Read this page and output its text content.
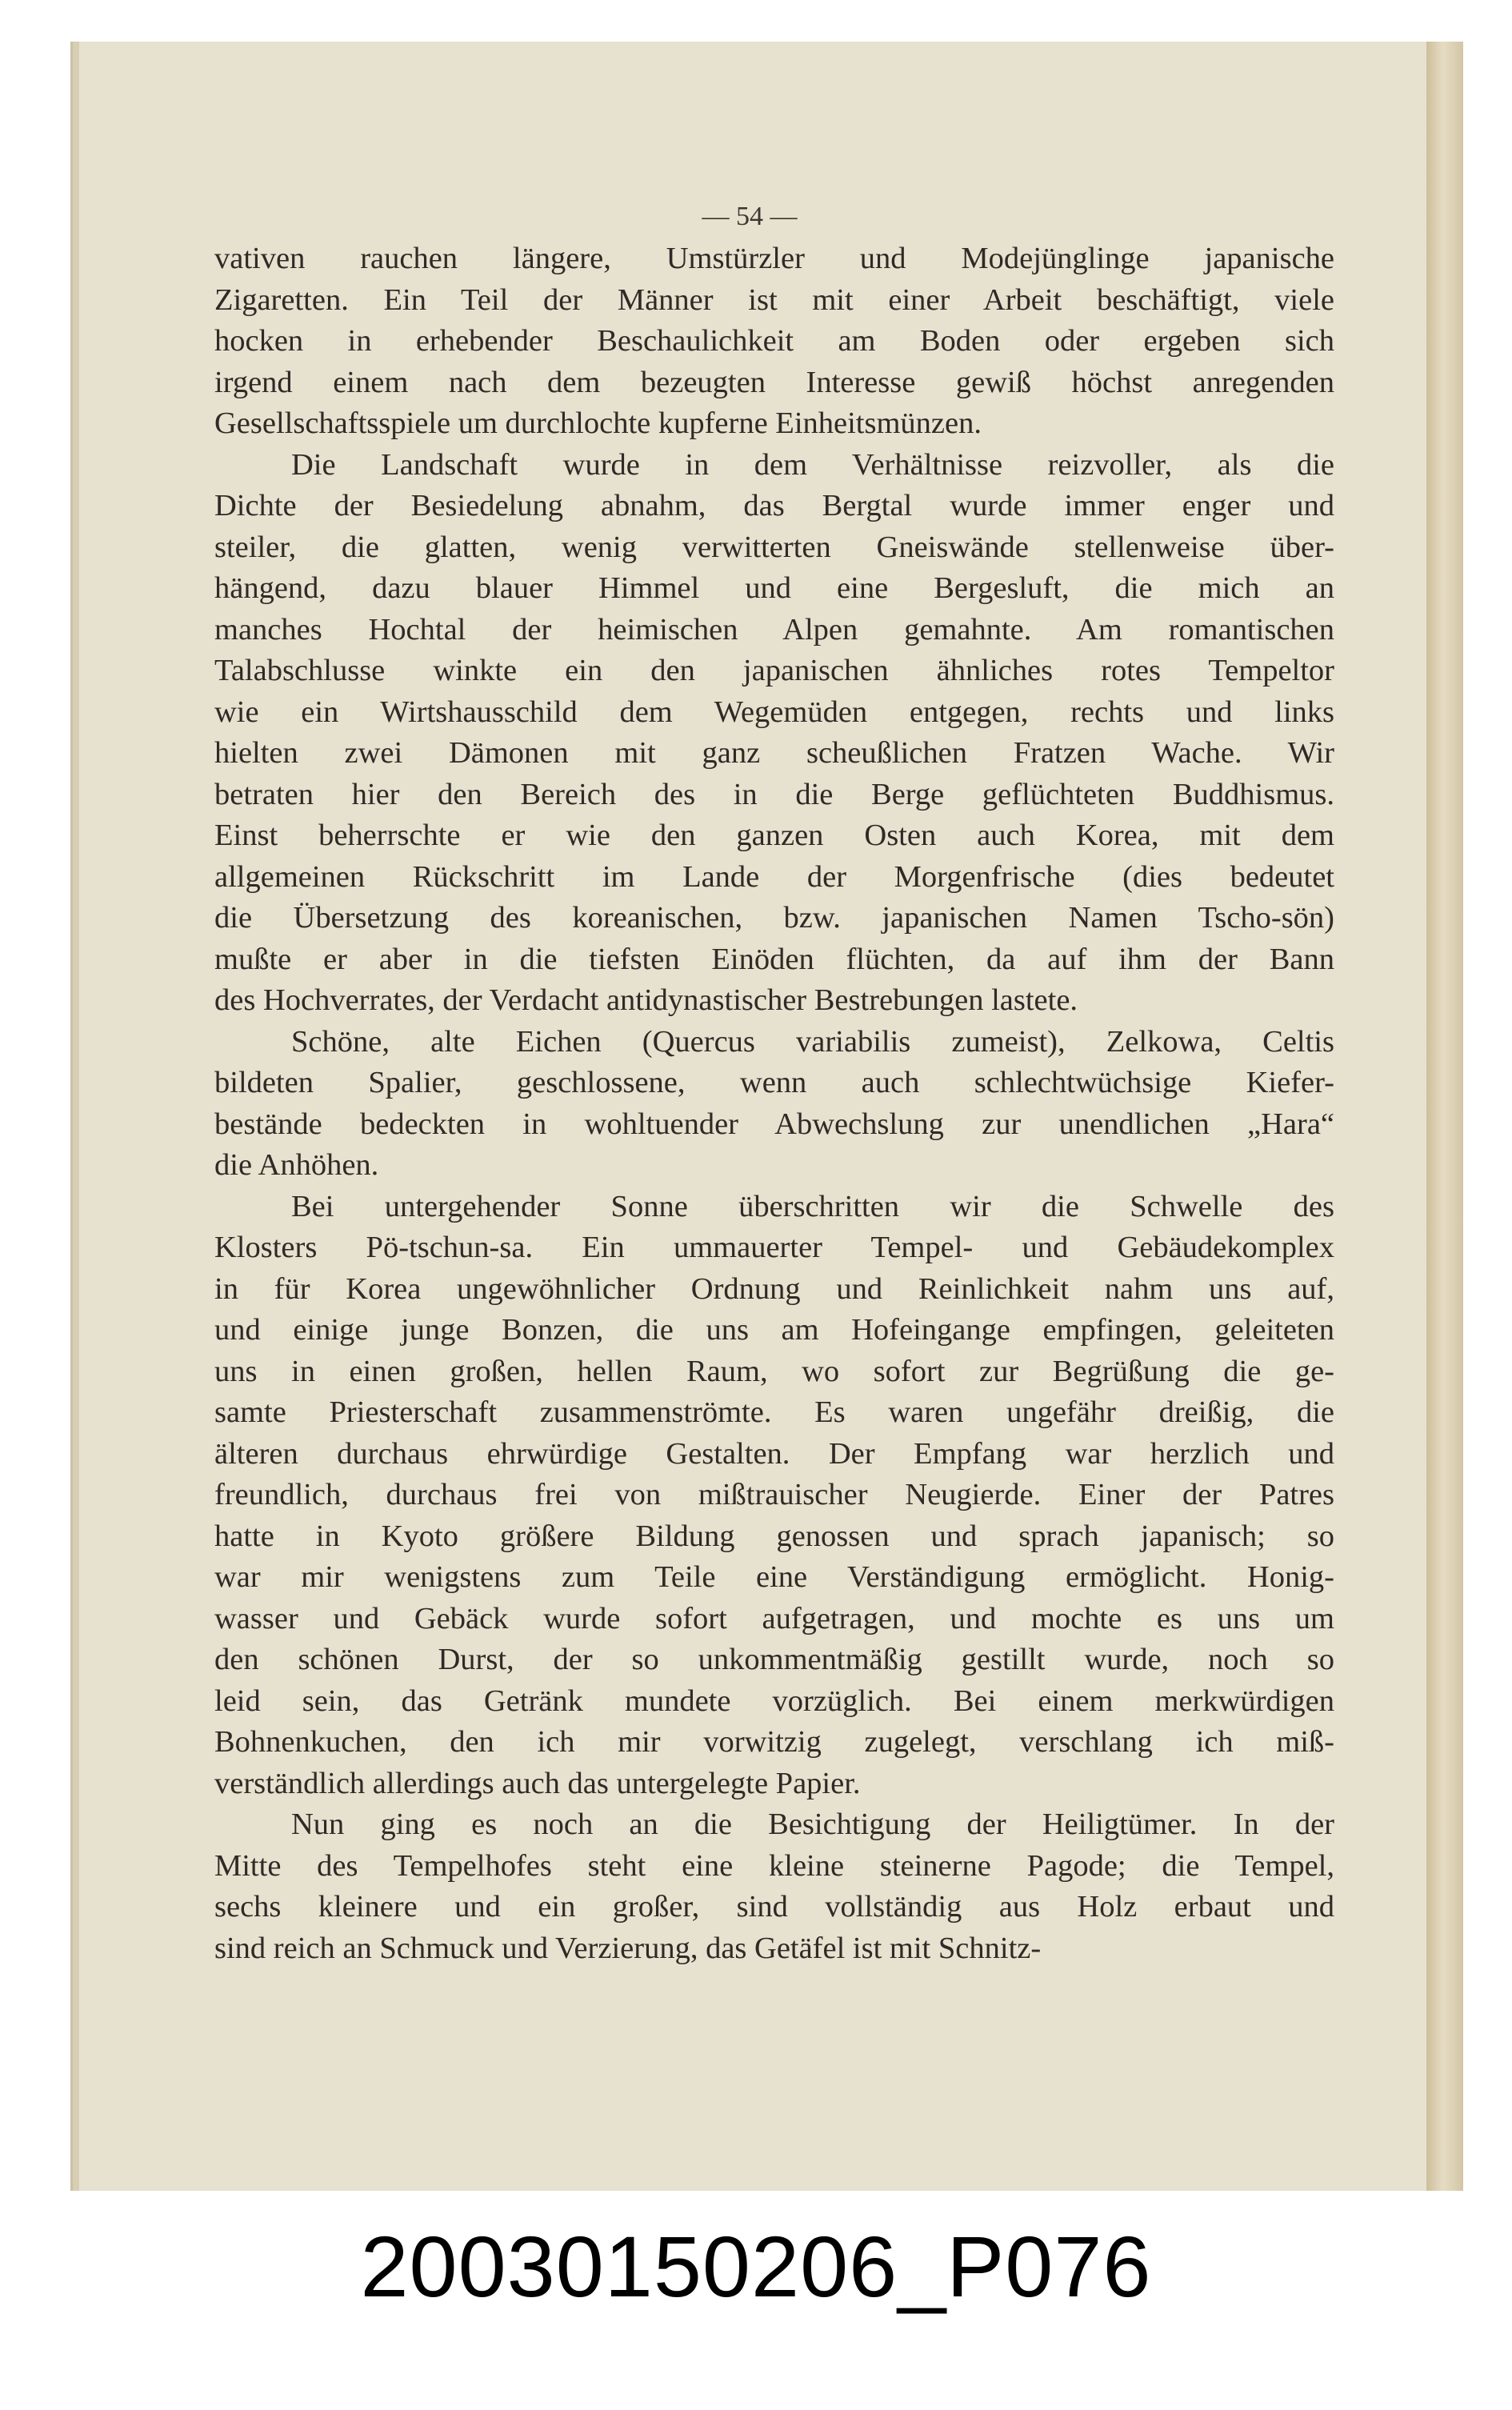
— 54 —

vativen rauchen längere, Umstürzler und Modejünglinge japanische
Zigaretten. Ein Teil der Männer ist mit einer Arbeit beschäftigt, viele
hocken in erhebender Beschaulichkeit am Boden oder ergeben sich
irgend einem nach dem bezeugten Interesse gewiß höchst anregenden
Gesellschaftsspiele um durchlochte kupferne Einheitsmünzen.

Die Landschaft wurde in dem Verhältnisse reizvoller, als die
Dichte der Besiedelung abnahm, das Bergtal wurde immer enger und
steiler, die glatten, wenig verwitterten Gneiswände stellenweise über-
hängend, dazu blauer Himmel und eine Bergesluft, die mich an
manches Hochtal der heimischen Alpen gemahnte. Am romantischen
Talabschlusse winkte ein den japanischen ähnliches rotes Tempeltor
wie ein Wirtshausschild dem Wegemüden entgegen, rechts und links
hielten zwei Dämonen mit ganz scheußlichen Fratzen Wache. Wir
betraten hier den Bereich des in die Berge geflüchteten Buddhismus.
Einst beherrschte er wie den ganzen Osten auch Korea, mit dem
allgemeinen Rückschritt im Lande der Morgenfrische (dies bedeutet
die Übersetzung des koreanischen, bzw. japanischen Namen Tscho-sön)
mußte er aber in die tiefsten Einöden flüchten, da auf ihm der Bann
des Hochverrates, der Verdacht antidynastischer Bestrebungen lastete.

Schöne, alte Eichen (Quercus variabilis zumeist), Zelkowa, Celtis
bildeten Spalier, geschlossene, wenn auch schlechtwüchsige Kiefer-
bestände bedeckten in wohltuender Abwechslung zur unendlichen „Hara“
die Anhöhen.

Bei untergehender Sonne überschritten wir die Schwelle des
Klosters Pö-tschun-sa. Ein ummauerter Tempel- und Gebäudekomplex
in für Korea ungewöhnlicher Ordnung und Reinlichkeit nahm uns auf,
und einige junge Bonzen, die uns am Hofeingange empfingen, geleiteten
uns in einen großen, hellen Raum, wo sofort zur Begrüßung die ge-
samte Priesterschaft zusammenströmte. Es waren ungefähr dreißig, die
älteren durchaus ehrwürdige Gestalten. Der Empfang war herzlich und
freundlich, durchaus frei von mißtrauischer Neugierde. Einer der Patres
hatte in Kyoto größere Bildung genossen und sprach japanisch; so
war mir wenigstens zum Teile eine Verständigung ermöglicht. Honig-
wasser und Gebäck wurde sofort aufgetragen, und mochte es uns um
den schönen Durst, der so unkommentmäßig gestillt wurde, noch so
leid sein, das Getränk mundete vorzüglich. Bei einem merkwürdigen
Bohnenkuchen, den ich mir vorwitzig zugelegt, verschlang ich miß-
verständlich allerdings auch das untergelegte Papier.

Nun ging es noch an die Besichtigung der Heiligtümer. In der
Mitte des Tempelhofes steht eine kleine steinerne Pagode; die Tempel,
sechs kleinere und ein großer, sind vollständig aus Holz erbaut und
sind reich an Schmuck und Verzierung, das Getäfel ist mit Schnitz-

20030150206_P076
